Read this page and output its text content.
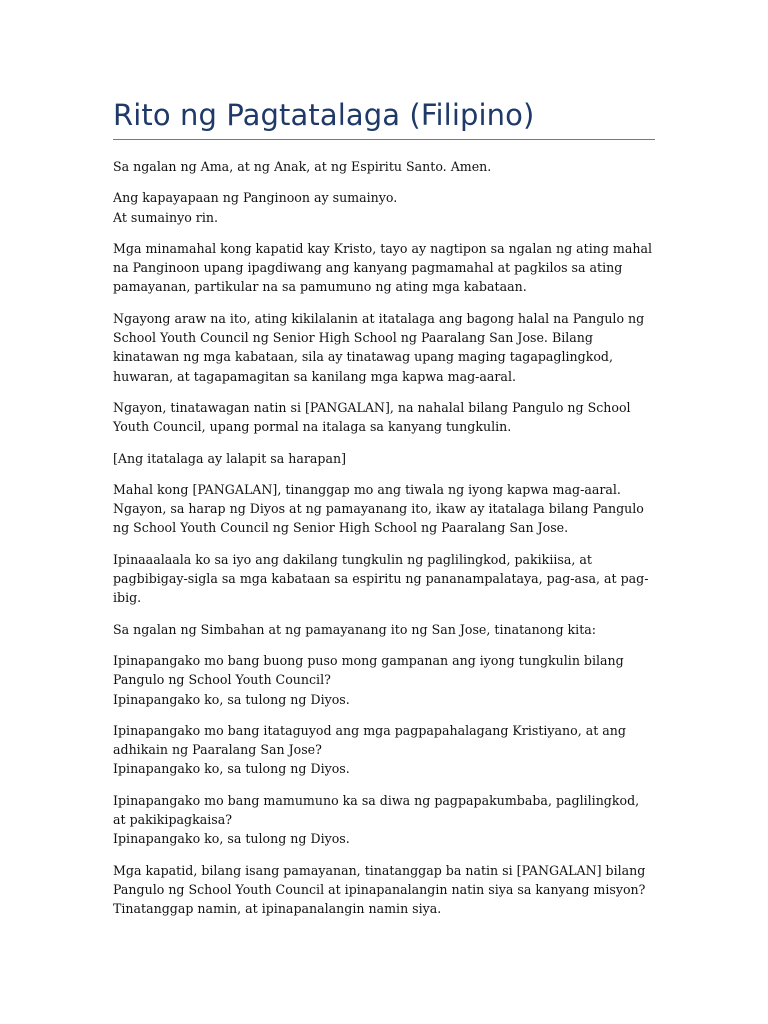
Rito ng Pagtatalaga (Filipino)

Sa ngalan ng Ama, at ng Anak, at ng Espiritu Santo. Amen.

Ang kapayapaan ng Panginoon ay sumainyo.
At sumainyo rin.

Mga minamahal kong kapatid kay Kristo, tayo ay nagtipon sa ngalan ng ating mahal na Panginoon upang ipagdiwang ang kanyang pagmamahal at pagkilos sa ating pamayanan, partikular na sa pamumuno ng ating mga kabataan.

Ngayong araw na ito, ating kikilalanin at itatalaga ang bagong halal na Pangulo ng School Youth Council ng Senior High School ng Paaralang San Jose. Bilang kinatawan ng mga kabataan, sila ay tinatawag upang maging tagapaglingkod, huwaran, at tagapamagitan sa kanilang mga kapwa mag-aaral.

Ngayon, tinatawagan natin si [PANGALAN], na nahalal bilang Pangulo ng School Youth Council, upang pormal na italaga sa kanyang tungkulin.

[Ang itatalaga ay lalapit sa harapan]

Mahal kong [PANGALAN], tinanggap mo ang tiwala ng iyong kapwa mag-aaral. Ngayon, sa harap ng Diyos at ng pamayanang ito, ikaw ay itatalaga bilang Pangulo ng School Youth Council ng Senior High School ng Paaralang San Jose.

Ipinaaalaala ko sa iyo ang dakilang tungkulin ng paglilingkod, pakikiisa, at pagbibigay-sigla sa mga kabataan sa espiritu ng pananampalataya, pag-asa, at pag-ibig.

Sa ngalan ng Simbahan at ng pamayanang ito ng San Jose, tinatanong kita:

Ipinapangako mo bang buong puso mong gampanan ang iyong tungkulin bilang Pangulo ng School Youth Council?
Ipinapangako ko, sa tulong ng Diyos.

Ipinapangako mo bang itataguyod ang mga pagpapahalagang Kristiyano, at ang adhikain ng Paaralang San Jose?
Ipinapangako ko, sa tulong ng Diyos.

Ipinapangako mo bang mamumuno ka sa diwa ng pagpapakumbaba, paglilingkod, at pakikipagkaisa?
Ipinapangako ko, sa tulong ng Diyos.

Mga kapatid, bilang isang pamayanan, tinatanggap ba natin si [PANGALAN] bilang Pangulo ng School Youth Council at ipinapanalangin natin siya sa kanyang misyon?
Tinatanggap namin, at ipinapanalangin namin siya.
